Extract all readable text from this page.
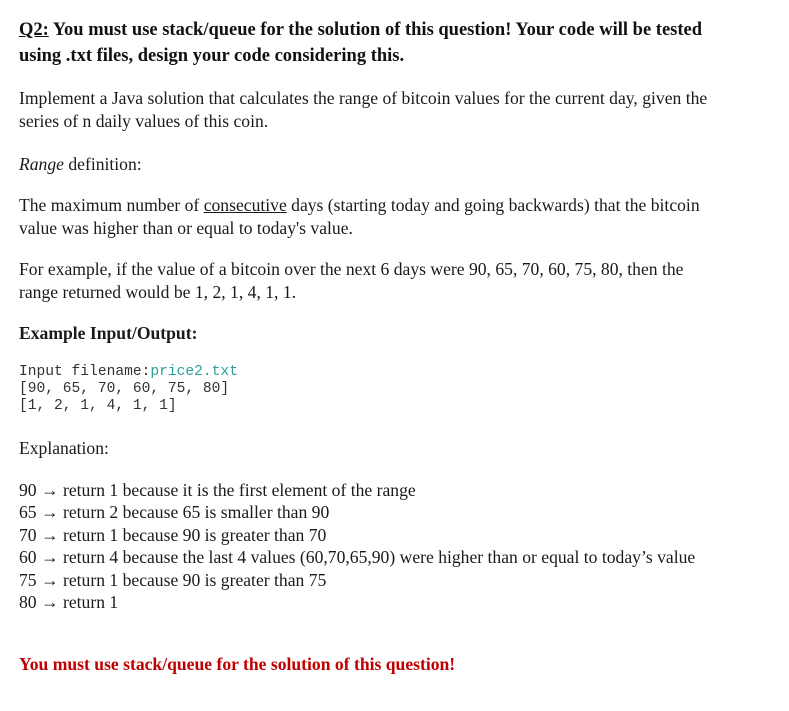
Q2: You must use stack/queue for the solution of this question! Your code will be tested
using .txt files, design your code considering this.
Implement a Java solution that calculates the range of bitcoin values for the current day, given the
series of n daily values of this coin.
Range definition:
The maximum number of consecutive days (starting today and going backwards) that the bitcoin
value was higher than or equal to today's value.
For example, if the value of a bitcoin over the next 6 days were 90, 65, 70, 60, 75, 80, then the
range returned would be 1, 2, 1, 4, 1, 1.
Example Input/Output:
Input filename:price2.txt
[90, 65, 70, 60, 75, 80]
[1, 2, 1, 4, 1, 1]
Explanation:
90 → return 1 because it is the first element of the range
65 → return 2 because 65 is smaller than 90
70 → return 1 because 90 is greater than 70
60 → return 4 because the last 4 values (60,70,65,90) were higher than or equal to today’s value
75 → return 1 because 90 is greater than 75
80 → return 1
You must use stack/queue for the solution of this question!
